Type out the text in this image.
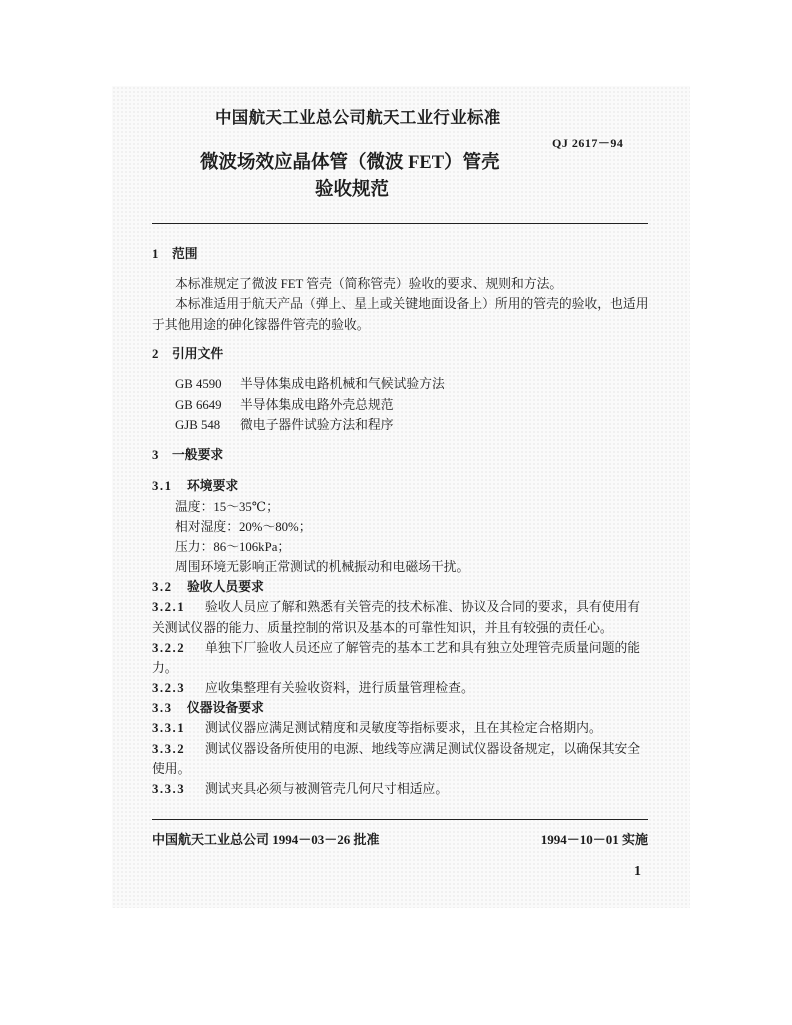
中国航天工业总公司航天工业行业标准
QJ 2617－94
微波场效应晶体管（微波 FET）管壳
验收规范
1 范围
本标准规定了微波 FET 管壳（简称管壳）验收的要求、规则和方法。
本标准适用于航天产品（弹上、星上或关键地面设备上）所用的管壳的验收，也适用
于其他用途的砷化镓器件管壳的验收。
2 引用文件
GB 4590 半导体集成电路机械和气候试验方法
GB 6649 半导体集成电路外壳总规范
GJB 548 微电子器件试验方法和程序
3 一般要求
3.1 环境要求
温度：15～35℃；
相对湿度：20%～80%；
压力：86～106kPa；
周围环境无影响正常测试的机械振动和电磁场干扰。
3.2 验收人员要求
3.2.1 验收人员应了解和熟悉有关管壳的技术标准、协议及合同的要求，具有使用有
关测试仪器的能力、质量控制的常识及基本的可靠性知识，并且有较强的责任心。
3.2.2 单独下厂验收人员还应了解管壳的基本工艺和具有独立处理管壳质量问题的能
力。
3.2.3 应收集整理有关验收资料，进行质量管理检查。
3.3 仪器设备要求
3.3.1 测试仪器应满足测试精度和灵敏度等指标要求，且在其检定合格期内。
3.3.2 测试仪器设备所使用的电源、地线等应满足测试仪器设备规定，以确保其安全
使用。
3.3.3 测试夹具必须与被测管壳几何尺寸相适应。
中国航天工业总公司 1994－03－26 批准	1994－10－01 实施
1
